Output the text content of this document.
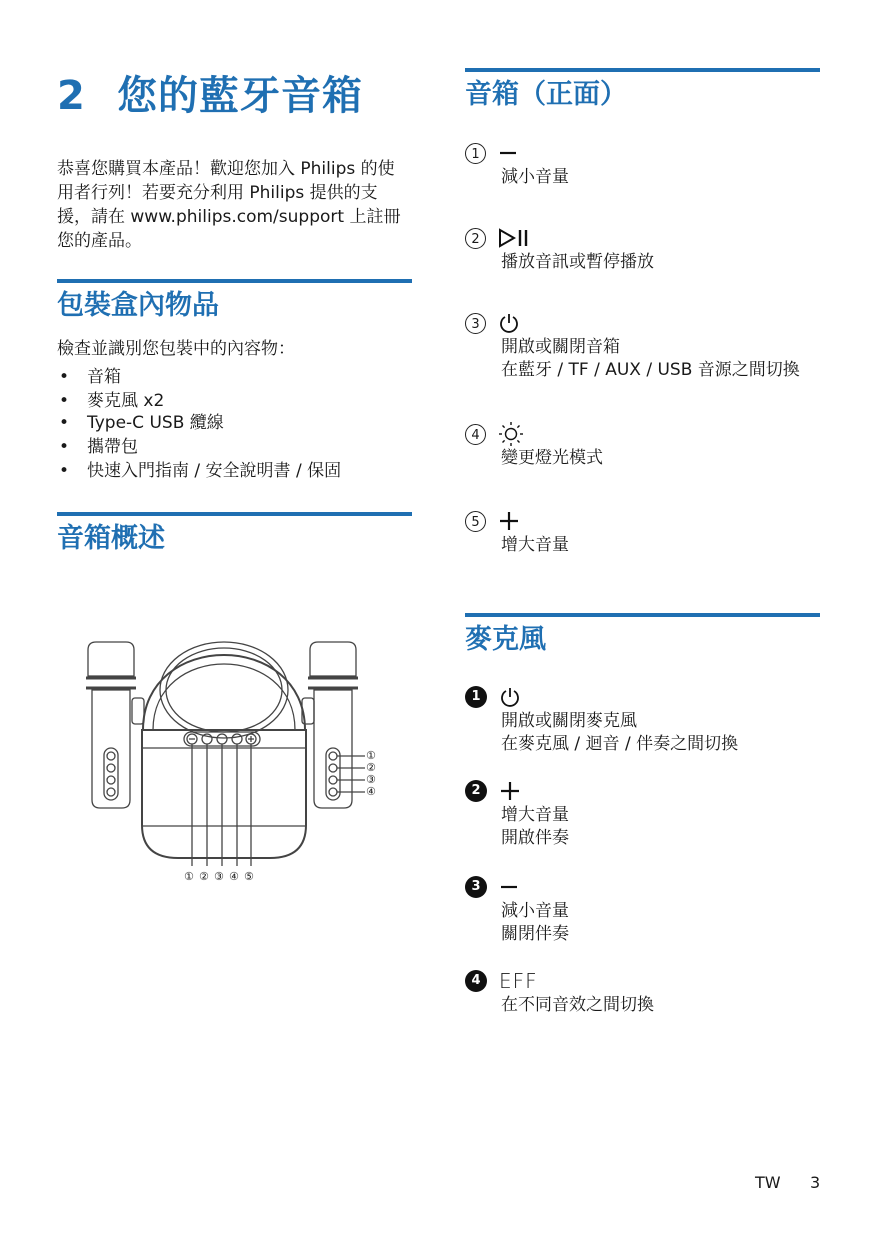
2 您的藍牙音箱
恭喜您購買本產品！歡迎您加入 Philips 的使用者行列！若要充分利用 Philips 提供的支援，請在 www.philips.com/support 上註冊您的產品。
包裝盒內物品
檢查並識別您包裝中的內容物：
• 音箱
• 麥克風 x2
• Type-C USB 纜線
• 攜帶包
• 快速入門指南 / 安全說明書 / 保固
音箱概述
① ② ③ ④ ⑤
①
②
③
④
音箱（正面）
1
減小音量
2
播放音訊或暫停播放
3
開啟或關閉音箱
在藍牙 / TF / AUX / USB 音源之間切換
4
變更燈光模式
5
增大音量
麥克風
1
開啟或關閉麥克風
在麥克風 / 迴音 / 伴奏之間切換
2
增大音量
開啟伴奏
3
減小音量
關閉伴奏
4 EFF
在不同音效之間切換
TW 3
